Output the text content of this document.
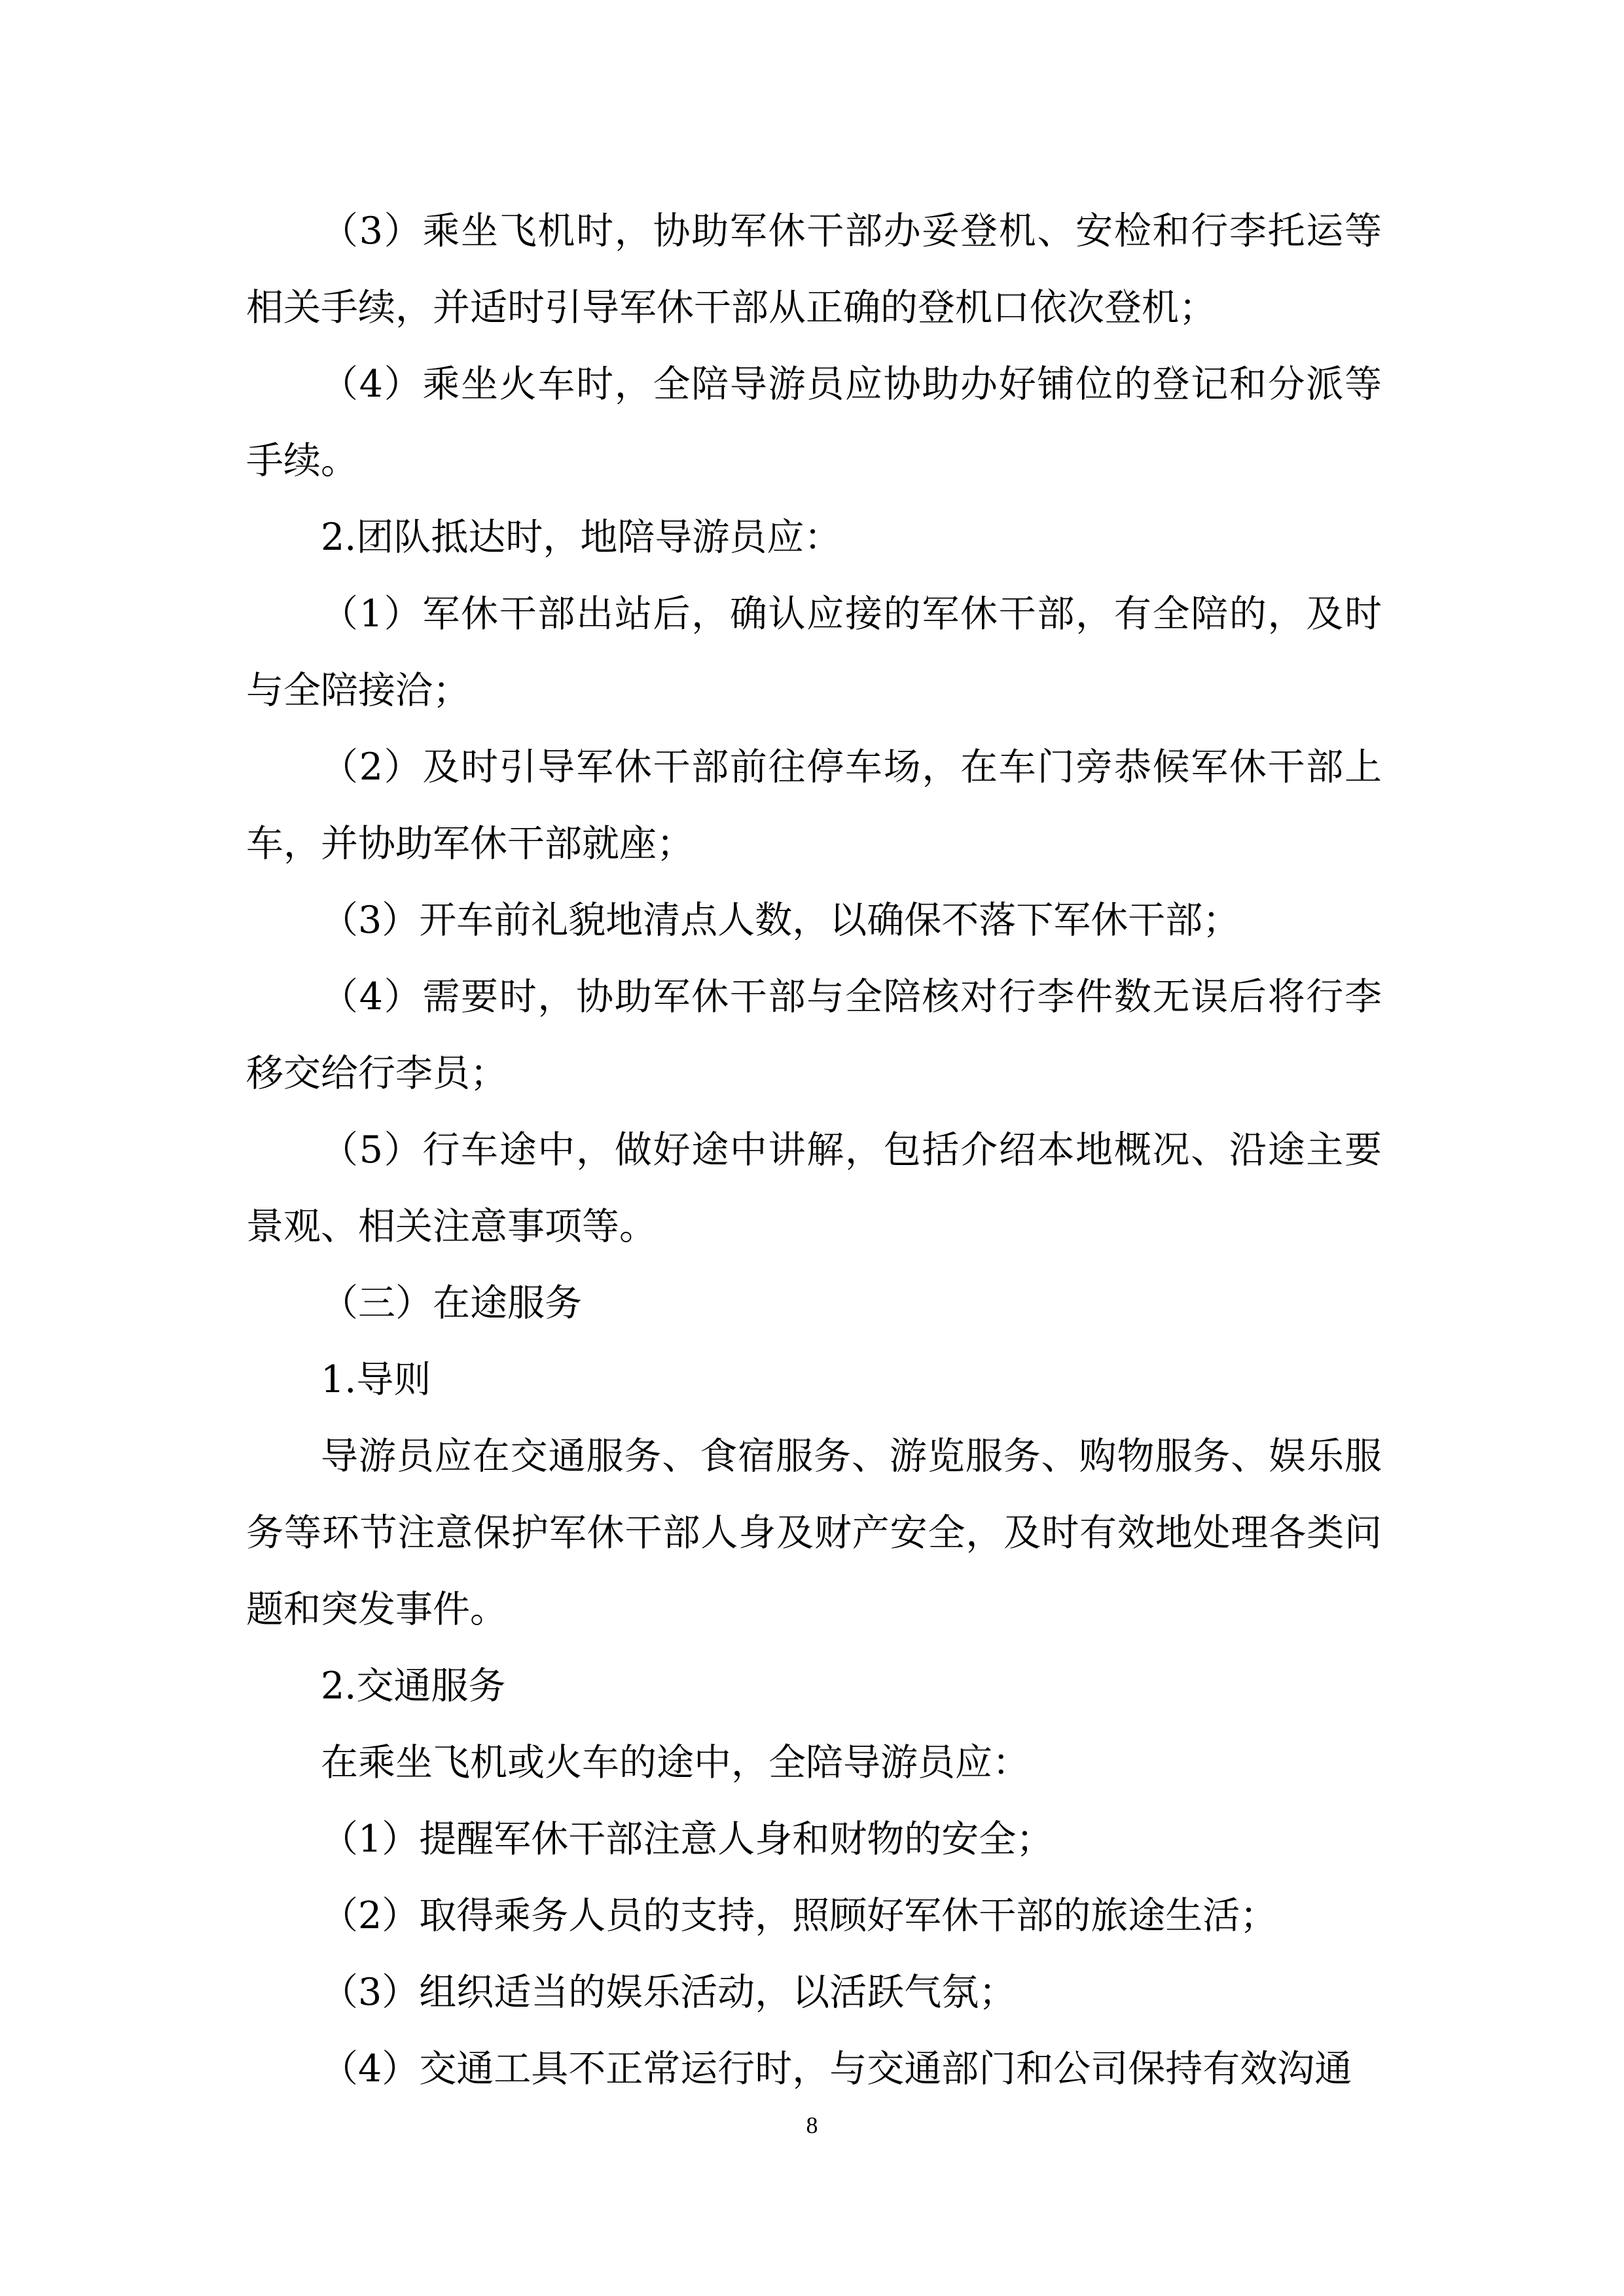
（3）乘坐飞机时，协助军休干部办妥登机、安检和行李托运等相关手续，并适时引导军休干部从正确的登机口依次登机；

（4）乘坐火车时，全陪导游员应协助办好铺位的登记和分派等手续。

2.团队抵达时，地陪导游员应：

（1）军休干部出站后，确认应接的军休干部，有全陪的，及时与全陪接洽；

（2）及时引导军休干部前往停车场，在车门旁恭候军休干部上车，并协助军休干部就座；

（3）开车前礼貌地清点人数，以确保不落下军休干部；

（4）需要时，协助军休干部与全陪核对行李件数无误后将行李移交给行李员；

（5）行车途中，做好途中讲解，包括介绍本地概况、沿途主要景观、相关注意事项等。

（三）在途服务

1.导则

导游员应在交通服务、食宿服务、游览服务、购物服务、娱乐服务等环节注意保护军休干部人身及财产安全，及时有效地处理各类问题和突发事件。

2.交通服务

在乘坐飞机或火车的途中，全陪导游员应：

（1）提醒军休干部注意人身和财物的安全；

（2）取得乘务人员的支持，照顾好军休干部的旅途生活；

（3）组织适当的娱乐活动，以活跃气氛；

（4）交通工具不正常运行时，与交通部门和公司保持有效沟通

8
